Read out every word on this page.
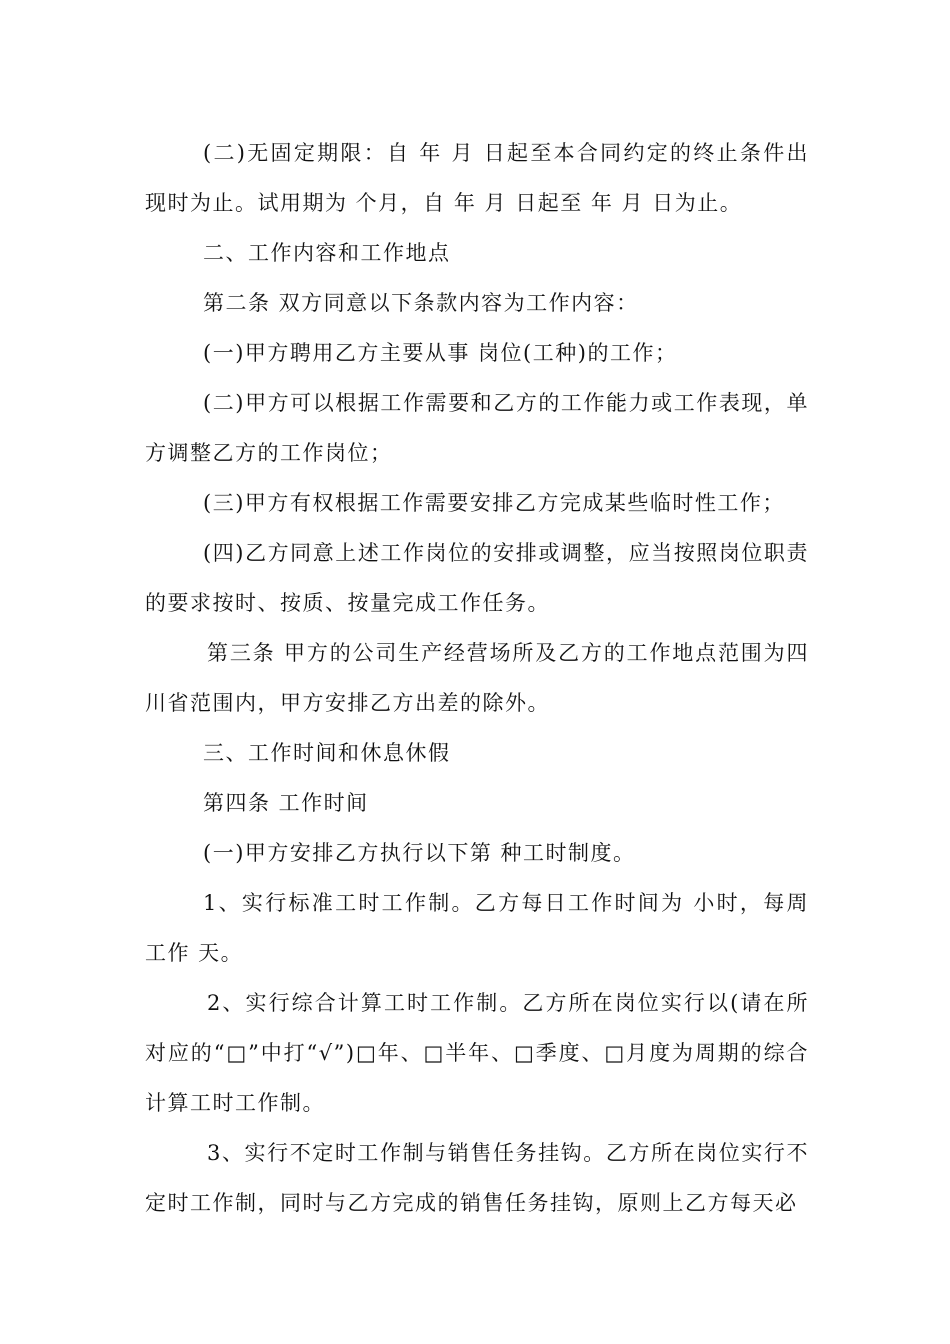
(二)无固定期限：自 年 月 日起至本合同约定的终止条件出现时为止。试用期为 个月，自 年 月 日起至 年 月 日为止。

二、工作内容和工作地点

第二条 双方同意以下条款内容为工作内容：

(一)甲方聘用乙方主要从事 岗位(工种)的工作；

(二)甲方可以根据工作需要和乙方的工作能力或工作表现，单方调整乙方的工作岗位；

(三)甲方有权根据工作需要安排乙方完成某些临时性工作；

(四)乙方同意上述工作岗位的安排或调整，应当按照岗位职责的要求按时、按质、按量完成工作任务。

第三条 甲方的公司生产经营场所及乙方的工作地点范围为四川省范围内，甲方安排乙方出差的除外。

三、工作时间和休息休假

第四条 工作时间

(一)甲方安排乙方执行以下第 种工时制度。

1、实行标准工时工作制。乙方每日工作时间为 小时，每周工作 天。

2、实行综合计算工时工作制。乙方所在岗位实行以(请在所对应的“□”中打“√”)□年、□半年、□季度、□月度为周期的综合计算工时工作制。

3、实行不定时工作制与销售任务挂钩。乙方所在岗位实行不定时工作制，同时与乙方完成的销售任务挂钩，原则上乙方每天必
